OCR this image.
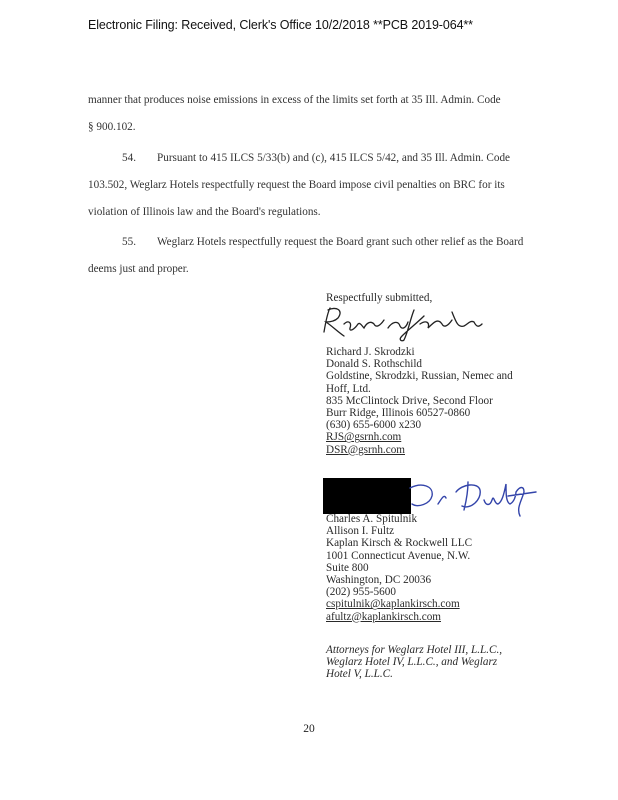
Electronic Filing: Received, Clerk's Office 10/2/2018 **PCB 2019-064**
manner that produces noise emissions in excess of the limits set forth at 35 Ill. Admin. Code
§ 900.102.
54. Pursuant to 415 ILCS 5/33(b) and (c), 415 ILCS 5/42, and 35 Ill. Admin. Code
103.502, Weglarz Hotels respectfully request the Board impose civil penalties on BRC for its
violation of Illinois law and the Board's regulations.
55. Weglarz Hotels respectfully request the Board grant such other relief as the Board
deems just and proper.
Respectfully submitted,
Richard J. Skrodzki
Donald S. Rothschild
Goldstine, Skrodzki, Russian, Nemec and
Hoff, Ltd.
835 McClintock Drive, Second Floor
Burr Ridge, Illinois 60527-0860
(630) 655-6000 x230
RJS@gsrnh.com
DSR@gsrnh.com
Charles A. Spitulnik
Allison I. Fultz
Kaplan Kirsch & Rockwell LLC
1001 Connecticut Avenue, N.W.
Suite 800
Washington, DC 20036
(202) 955-5600
cspitulnik@kaplankirsch.com
afultz@kaplankirsch.com
Attorneys for Weglarz Hotel III, L.L.C.,
Weglarz Hotel IV, L.L.C., and Weglarz
Hotel V, L.L.C.
20
